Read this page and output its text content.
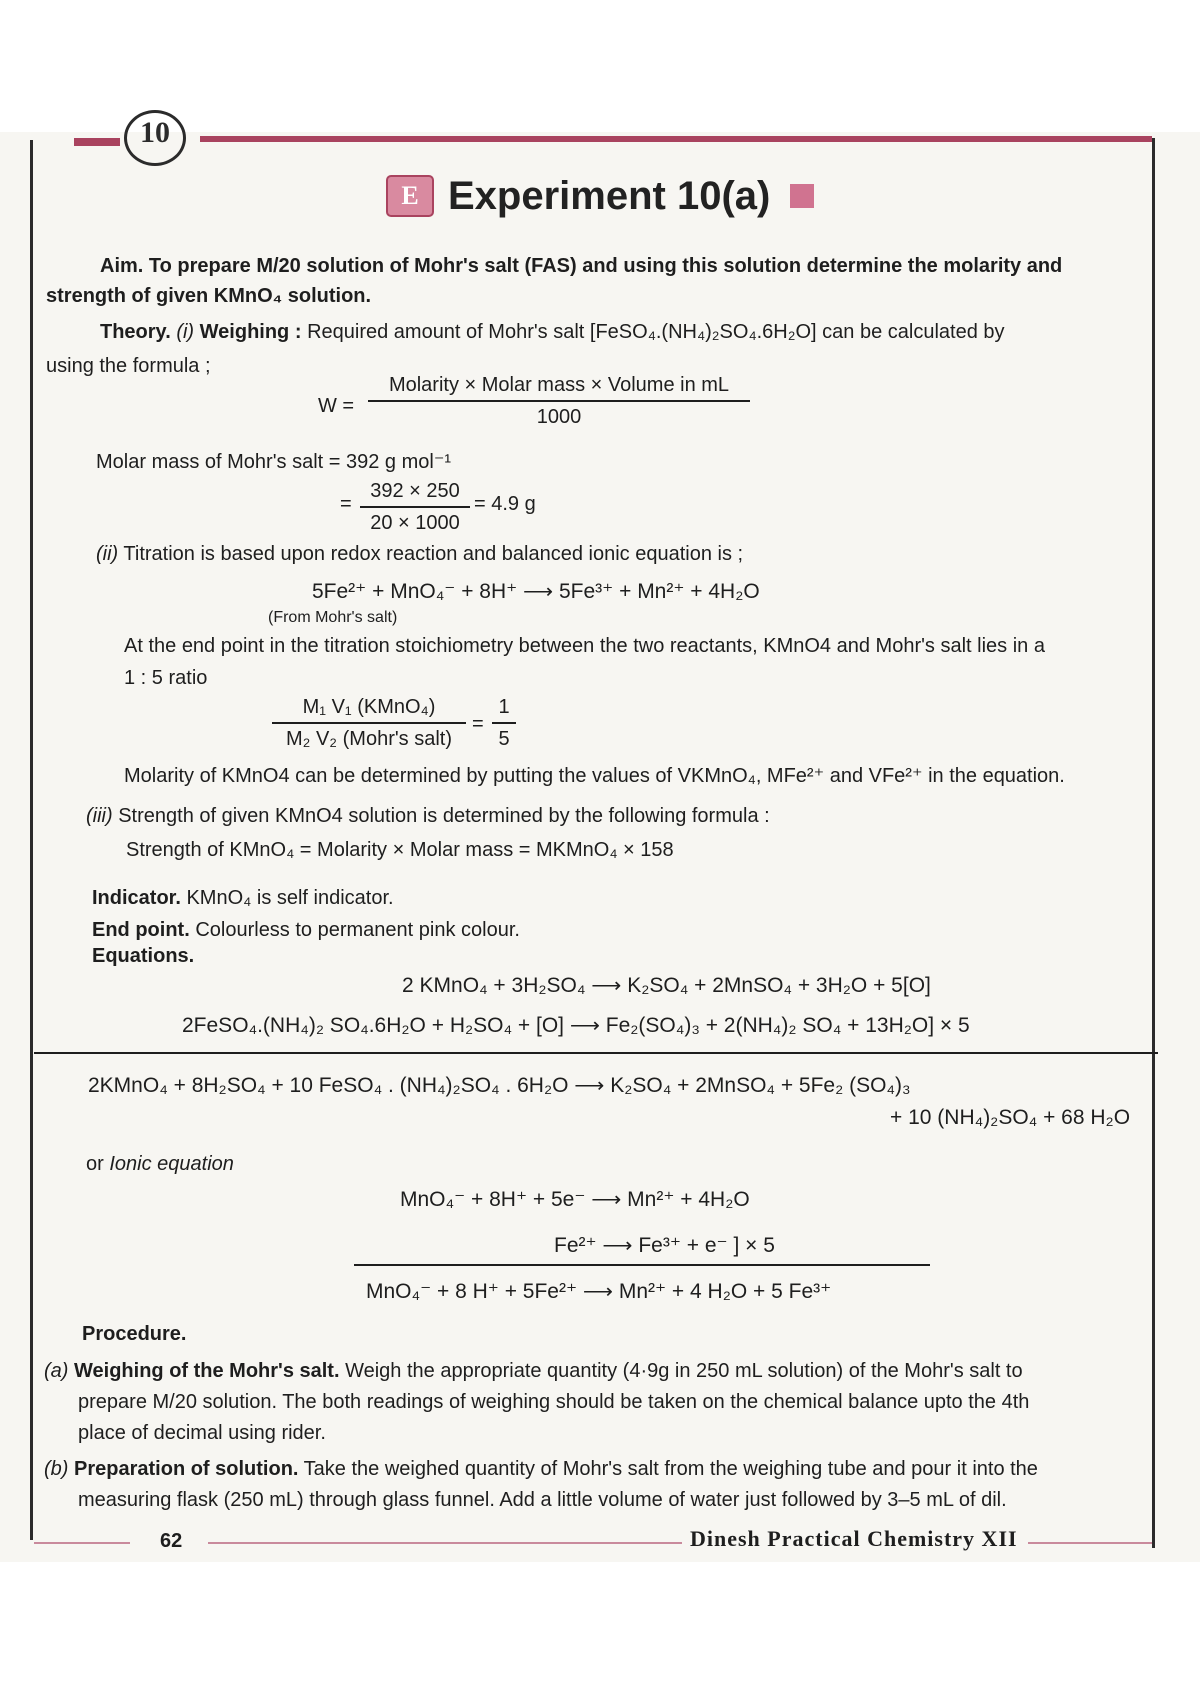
10
E Experiment 10(a)
Aim. To prepare M/20 solution of Mohr's salt (FAS) and using this solution determine the molarity and
strength of given KMnO₄ solution.
Theory. (i) Weighing : Required amount of Mohr's salt [FeSO₄.(NH₄)₂SO₄.6H₂O] can be calculated by
using the formula ;
W =
Molarity × Molar mass × Volume in mL
1000
Molar mass of Mohr's salt = 392 g mol⁻¹
= $\frac{392 \times 250}{20 \times 1000} = 4.9$ g
(ii) Titration is based upon redox reaction and balanced ionic equation is ;
5Fe²⁺ + MnO₄⁻ + 8H⁺ ⟶ 5Fe³⁺ + Mn²⁺ + 4H₂O
(From Mohr's salt)
At the end point in the titration stoichiometry between the two reactants, KMnO4 and Mohr's salt lies in a
1 : 5 ratio
M₁ V₁ (KMnO₄)
M₂ V₂ (Mohr's salt)
= $\frac{1}{5}$
Molarity of KMnO4 can be determined by putting the values of VKMnO₄, MFe²⁺ and VFe²⁺ in the equation.
(iii) Strength of given KMnO4 solution is determined by the following formula :
Strength of KMnO₄ = Molarity × Molar mass = MKMnO₄ × 158
Indicator. KMnO₄ is self indicator.
End point. Colourless to permanent pink colour.
Equations.
2 KMnO₄ + 3H₂SO₄ ⟶ K₂SO₄ + 2MnSO₄ + 3H₂O + 5[O]
2FeSO₄.(NH₄)₂ SO₄.6H₂O + H₂SO₄ + [O] ⟶ Fe₂(SO₄)₃ + 2(NH₄)₂ SO₄ + 13H₂O] × 5
2KMnO₄ + 8H₂SO₄ + 10 FeSO₄ . (NH₄)₂SO₄ . 6H₂O ⟶ K₂SO₄ + 2MnSO₄ + 5Fe₂ (SO₄)₃
+ 10 (NH₄)₂SO₄ + 68 H₂O
or Ionic equation
MnO₄⁻ + 8H⁺ + 5e⁻ ⟶ Mn²⁺ + 4H₂O
Fe²⁺ ⟶ Fe³⁺ + e⁻ ] × 5
MnO₄⁻ + 8 H⁺ + 5Fe²⁺ ⟶ Mn²⁺ + 4 H₂O + 5 Fe³⁺
Procedure.
(a) Weighing of the Mohr's salt. Weigh the appropriate quantity (4·9g in 250 mL solution) of the Mohr's salt to
prepare M/20 solution. The both readings of weighing should be taken on the chemical balance upto the 4th
place of decimal using rider.
(b) Preparation of solution. Take the weighed quantity of Mohr's salt from the weighing tube and pour it into the
measuring flask (250 mL) through glass funnel. Add a little volume of water just followed by 3–5 mL of dil.
62	Dinesh Practical Chemistry XII
